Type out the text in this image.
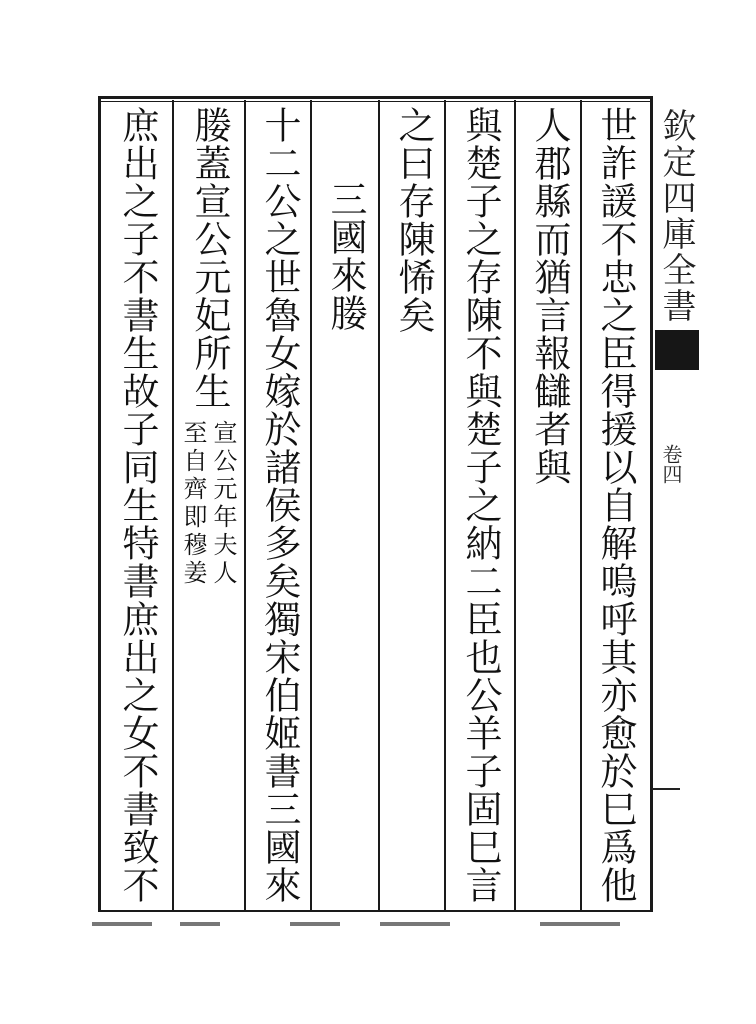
世詐諼不忠之臣得援以自解嗚呼其亦愈於巳爲他
人郡縣而猶言報讎者與
與楚子之存陳不與楚子之納二臣也公羊子固巳言
之曰存陳悕矣
三國來媵
十二公之世魯女嫁於諸侯多矣獨宋伯姬書三國來
媵蓋宣公元妃所生
宣公元年夫人
至自齊即穆姜
庶出之子不書生故子同生特書庶出之女不書致不	欽定四庫全書
卷四
